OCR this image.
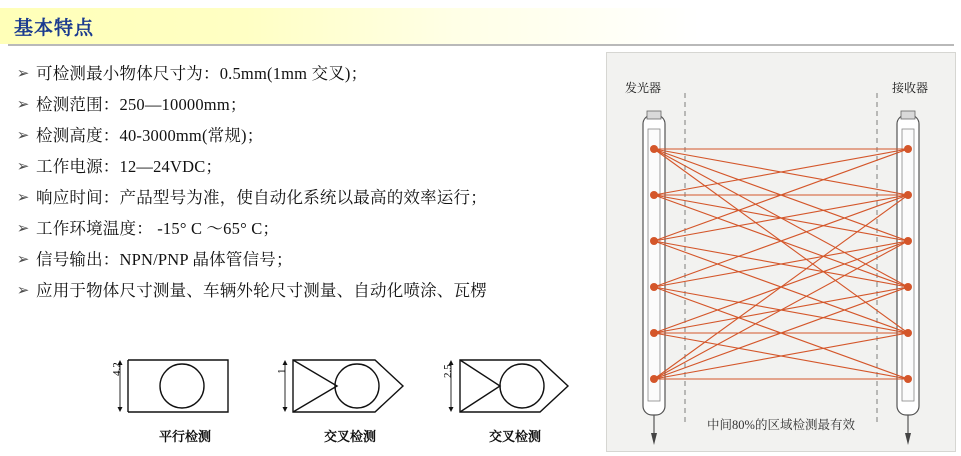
基本特点
➢ 可检测最小物体尺寸为：0.5mm(1mm 交叉)；
➢ 检测范围：250—10000mm；
➢ 检测高度：40-3000mm(常规)；
➢ 工作电源：12—24VDC；
➢ 响应时间：产品型号为准，使自动化系统以最高的效率运行；
➢ 工作环境温度： -15° C ～65° C；
➢ 信号输出：NPN/PNP 晶体管信号；
➢ 应用于物体尺寸测量、车辆外轮尺寸测量、自动化喷涂、瓦楞
4.2
平行检测
1
交叉检测
2.5
交叉检测
发光器	接收器
中间80%的区域检测最有效
